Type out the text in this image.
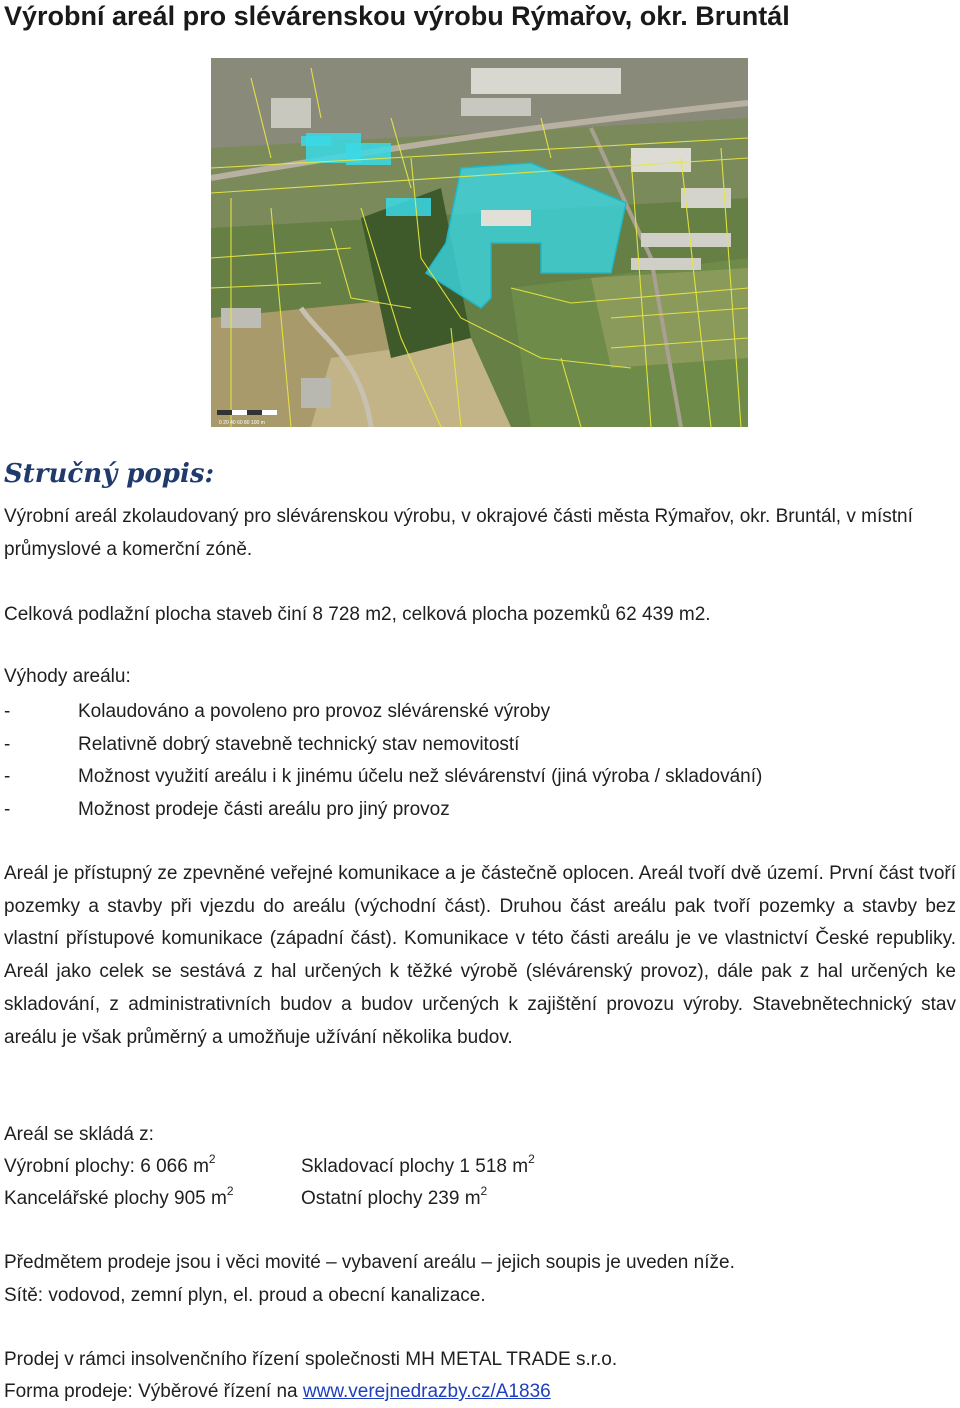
Výrobní areál pro slévárenskou výrobu Rýmařov, okr. Bruntál
0 20 40 60 80 100 m
Stručný popis:
Výrobní areál zkolaudovaný pro slévárenskou výrobu, v okrajové části města Rýmařov, okr. Bruntál, v místní průmyslové a komerční zóně.
Celková podlažní plocha staveb činí 8 728 m2, celková plocha pozemků 62 439 m2.
Výhody areálu:
-	Kolaudováno a povoleno pro provoz slévárenské výroby
-	Relativně dobrý stavebně technický stav nemovitostí
-	Možnost využití areálu i k jinému účelu než slévárenství (jiná výroba / skladování)
-	Možnost prodeje části areálu pro jiný provoz
Areál je přístupný ze zpevněné veřejné komunikace a je částečně oplocen. Areál tvoří dvě území. První část tvoří pozemky a stavby při vjezdu do areálu (východní část). Druhou část areálu pak tvoří pozemky a stavby bez vlastní přístupové komunikace (západní část). Komunikace v této části areálu je ve vlastnictví České republiky. Areál jako celek se sestává z hal určených k těžké výrobě (slévárenský provoz), dále pak z hal určených ke skladování, z administrativních budov a budov určených k zajištění provozu výroby. Stavebnětechnický stav areálu je však průměrný a umožňuje užívání několika budov.
Areál se skládá z:
Výrobní plochy: 6 066 $m^2$	Skladovací plochy 1 518 $m^2$
Kancelářské plochy 905 $m^2$	Ostatní plochy 239 $m^2$
Předmětem prodeje jsou i věci movité – vybavení areálu – jejich soupis je uveden níže.
Sítě: vodovod, zemní plyn, el. proud a obecní kanalizace.
Prodej v rámci insolvenčního řízení společnosti MH METAL TRADE s.r.o.
Forma prodeje: Výběrové řízení na www.verejnedrazby.cz/A1836
